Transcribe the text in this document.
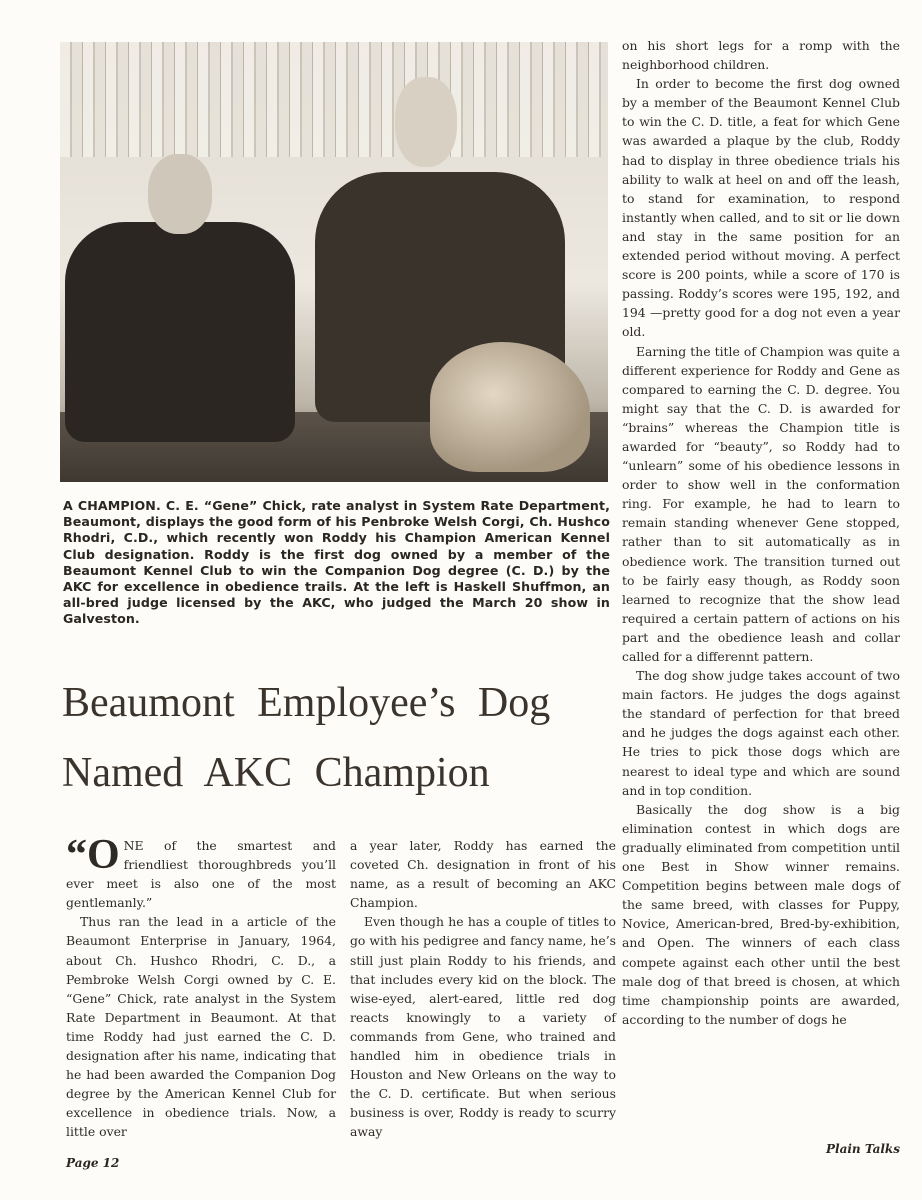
A CHAMPION. C. E. “Gene” Chick, rate analyst in System Rate Department, Beaumont, displays the good form of his Penbroke Welsh Corgi, Ch. Hushco Rhodri, C.D., which recently won Roddy his Champion American Kennel Club designation. Roddy is the first dog owned by a member of the Beaumont Kennel Club to win the Companion Dog degree (C. D.) by the AKC for excellence in obedience trails. At the left is Haskell Shuffmon, an all-bred judge licensed by the AKC, who judged the March 20 show in Galveston.
Beaumont Employee’s Dog
Named AKC Champion

“O NE of the smartest and friendliest thoroughbreds you’ll ever meet is also one of the most gentlemanly.”

Thus ran the lead in a article of the Beaumont Enterprise in January, 1964, about Ch. Hushco Rhodri, C. D., a Pembroke Welsh Corgi owned by C. E. “Gene” Chick, rate analyst in the System Rate Department in Beaumont. At that time Roddy had just earned the C. D. designation after his name, indicating that he had been awarded the Companion Dog degree by the American Kennel Club for excellence in obedience trials. Now, a little over

a year later, Roddy has earned the coveted Ch. designation in front of his name, as a result of becoming an AKC Champion.

Even though he has a couple of titles to go with his pedigree and fancy name, he’s still just plain Roddy to his friends, and that includes every kid on the block. The wise-eyed, alert-eared, little red dog reacts knowingly to a variety of commands from Gene, who trained and handled him in obedience trials in Houston and New Orleans on the way to the C. D. certificate. But when serious business is over, Roddy is ready to scurry away

on his short legs for a romp with the neighborhood children.

In order to become the first dog owned by a member of the Beaumont Kennel Club to win the C. D. title, a feat for which Gene was awarded a plaque by the club, Roddy had to display in three obedience trials his ability to walk at heel on and off the leash, to stand for examination, to respond instantly when called, and to sit or lie down and stay in the same position for an extended period without moving. A perfect score is 200 points, while a score of 170 is passing. Roddy’s scores were 195, 192, and 194 —pretty good for a dog not even a year old.

Earning the title of Champion was quite a different experience for Roddy and Gene as compared to earning the C. D. degree. You might say that the C. D. is awarded for “brains” whereas the Champion title is awarded for “beauty”, so Roddy had to “unlearn” some of his obedience lessons in order to show well in the conformation ring. For example, he had to learn to remain standing whenever Gene stopped, rather than to sit automatically as in obedience work. The transition turned out to be fairly easy though, as Roddy soon learned to recognize that the show lead required a certain pattern of actions on his part and the obedience leash and collar called for a differennt pattern.

The dog show judge takes account of two main factors. He judges the dogs against the standard of perfection for that breed and he judges the dogs against each other. He tries to pick those dogs which are nearest to ideal type and which are sound and in top condition.

Basically the dog show is a big elimination contest in which dogs are gradually eliminated from competition until one Best in Show winner remains. Competition begins between male dogs of the same breed, with classes for Puppy, Novice, American-bred, Bred-by-exhibition, and Open. The winners of each class compete against each other until the best male dog of that breed is chosen, at which time championship points are awarded, according to the number of dogs he

Page 12
Plain Talks
